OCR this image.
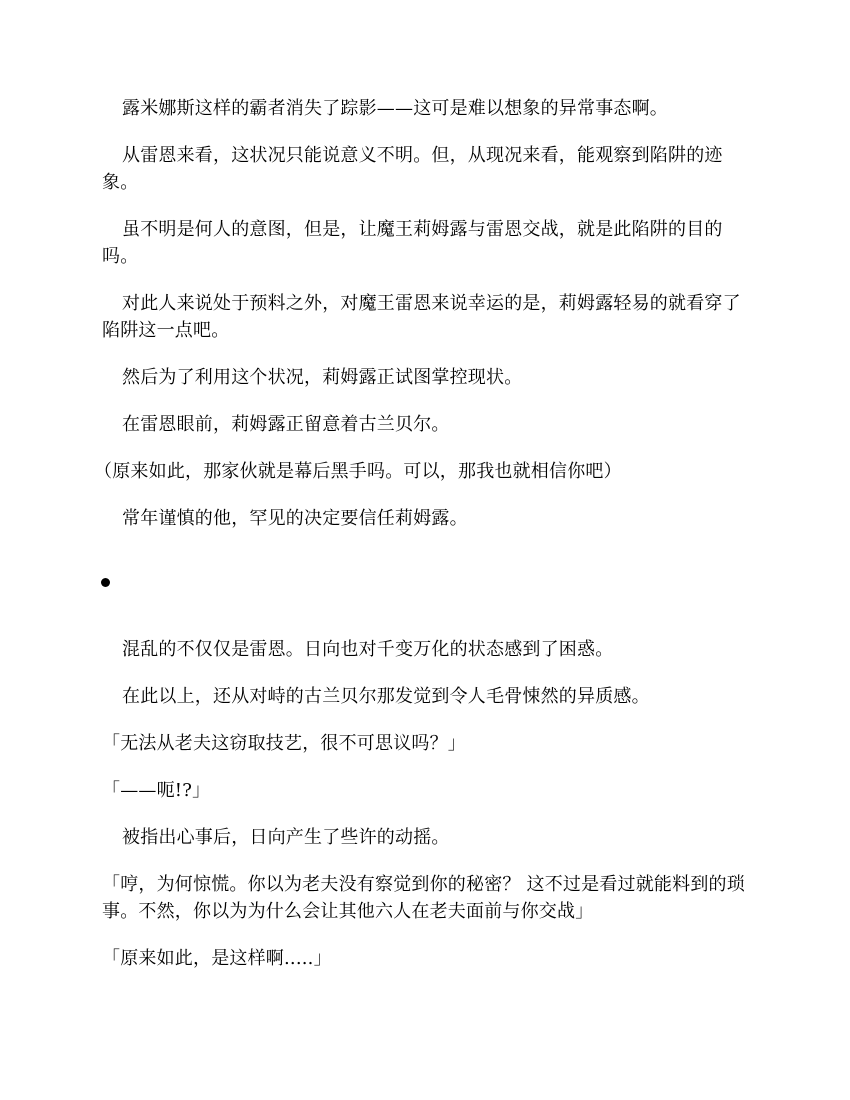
露米娜斯这样的霸者消失了踪影——这可是难以想象的异常事态啊。

从雷恩来看，这状况只能说意义不明。但，从现况来看，能观察到陷阱的迹象。

虽不明是何人的意图，但是，让魔王莉姆露与雷恩交战，就是此陷阱的目的吗。

对此人来说处于预料之外，对魔王雷恩来说幸运的是，莉姆露轻易的就看穿了陷阱这一点吧。

然后为了利用这个状况，莉姆露正试图掌控现状。

在雷恩眼前，莉姆露正留意着古兰贝尔。

（原来如此，那家伙就是幕后黑手吗。可以，那我也就相信你吧）

常年谨慎的他，罕见的决定要信任莉姆露。

混乱的不仅仅是雷恩。日向也对千变万化的状态感到了困惑。

在此以上，还从对峙的古兰贝尔那发觉到令人毛骨悚然的异质感。

「无法从老夫这窃取技艺，很不可思议吗？」

「——呃!?」

被指出心事后，日向产生了些许的动摇。

「哼，为何惊慌。你以为老夫没有察觉到你的秘密？ 这不过是看过就能料到的琐事。不然，你以为为什么会让其他六人在老夫面前与你交战」

「原来如此，是这样啊.....」
